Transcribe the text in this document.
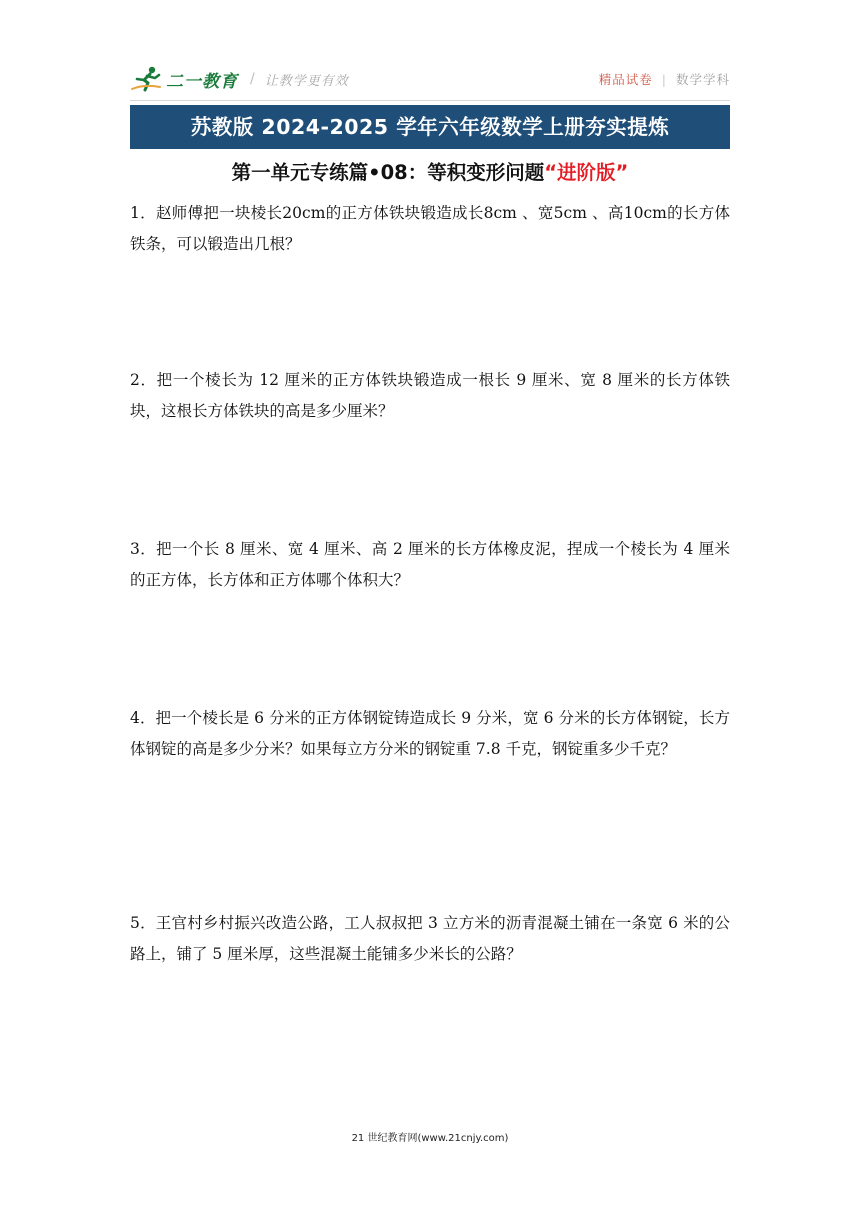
二一教育 / 让教学更有效	精品试卷 | 数学学科
苏教版 2024-2025 学年六年级数学上册夯实提炼
第一单元专练篇•08：等积变形问题“进阶版”

1．赵师傅把一块棱长20cm的正方体铁块锻造成长8cm 、宽5cm 、高10cm的长方体铁条，可以锻造出几根？

2．把一个棱长为 12 厘米的正方体铁块锻造成一根长 9 厘米、宽 8 厘米的长方体铁块，这根长方体铁块的高是多少厘米？

3．把一个长 8 厘米、宽 4 厘米、高 2 厘米的长方体橡皮泥，捏成一个棱长为 4 厘米的正方体，长方体和正方体哪个体积大？

4．把一个棱长是 6 分米的正方体钢锭铸造成长 9 分米，宽 6 分米的长方体钢锭，长方体钢锭的高是多少分米？如果每立方分米的钢锭重 7.8 千克，钢锭重多少千克？

5．王官村乡村振兴改造公路，工人叔叔把 3 立方米的沥青混凝土铺在一条宽 6 米的公路上，铺了 5 厘米厚，这些混凝土能铺多少米长的公路？

21 世纪教育网(www.21cnjy.com)
